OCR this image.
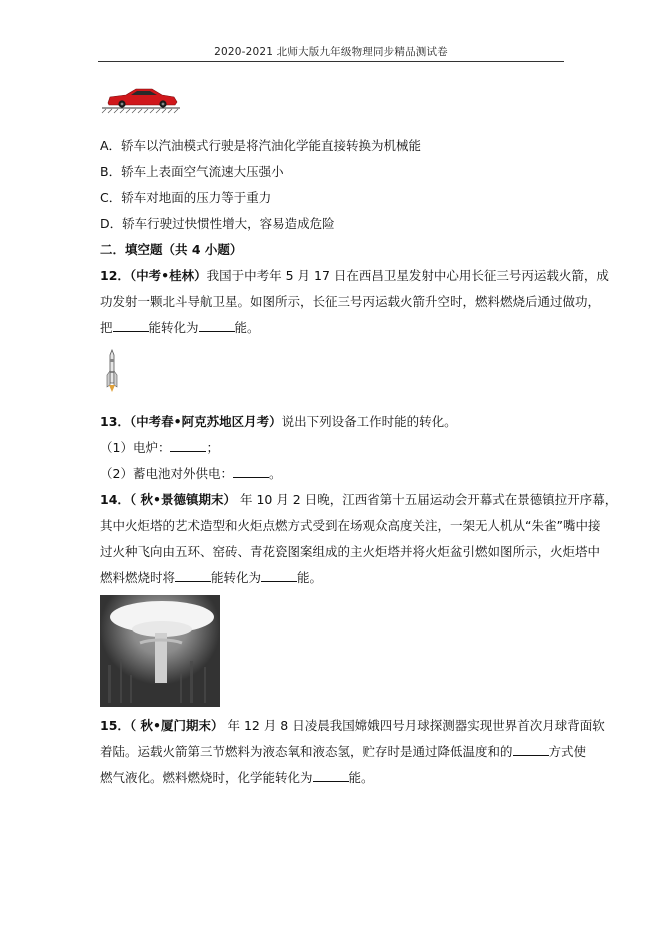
2020-2021 北师大版九年级物理同步精品测试卷
A．轿车以汽油模式行驶是将汽油化学能直接转换为机械能
B．轿车上表面空气流速大压强小
C．轿车对地面的压力等于重力
D．轿车行驶过快惯性增大，容易造成危险
二．填空题（共 4 小题）
12．（中考•桂林）我国于中考年 5 月 17 日在西昌卫星发射中心用长征三号丙运载火箭，成
功发射一颗北斗导航卫星。如图所示，长征三号丙运载火箭升空时，燃料燃烧后通过做功，
把	能转化为	能。
13．（中考春•阿克苏地区月考）说出下列设备工作时能的转化。
（1）电炉：	；
（2）蓄电池对外供电：	。
14．（ 秋•景德镇期末） 年 10 月 2 日晚，江西省第十五届运动会开幕式在景德镇拉开序幕，
其中火炬塔的艺术造型和火炬点燃方式受到在场观众高度关注，一架无人机从“朱雀”嘴中接
过火种飞向由五环、窑砖、青花瓷图案组成的主火炬塔并将火炬盆引燃如图所示，火炬塔中
燃料燃烧时将	能转化为	能。
15．（ 秋•厦门期末） 年 12 月 8 日凌晨我国嫦娥四号月球探测器实现世界首次月球背面软
着陆。运载火箭第三节燃料为液态氧和液态氢，贮存时是通过降低温度和的	方式使
燃气液化。燃料燃烧时，化学能转化为	能。
